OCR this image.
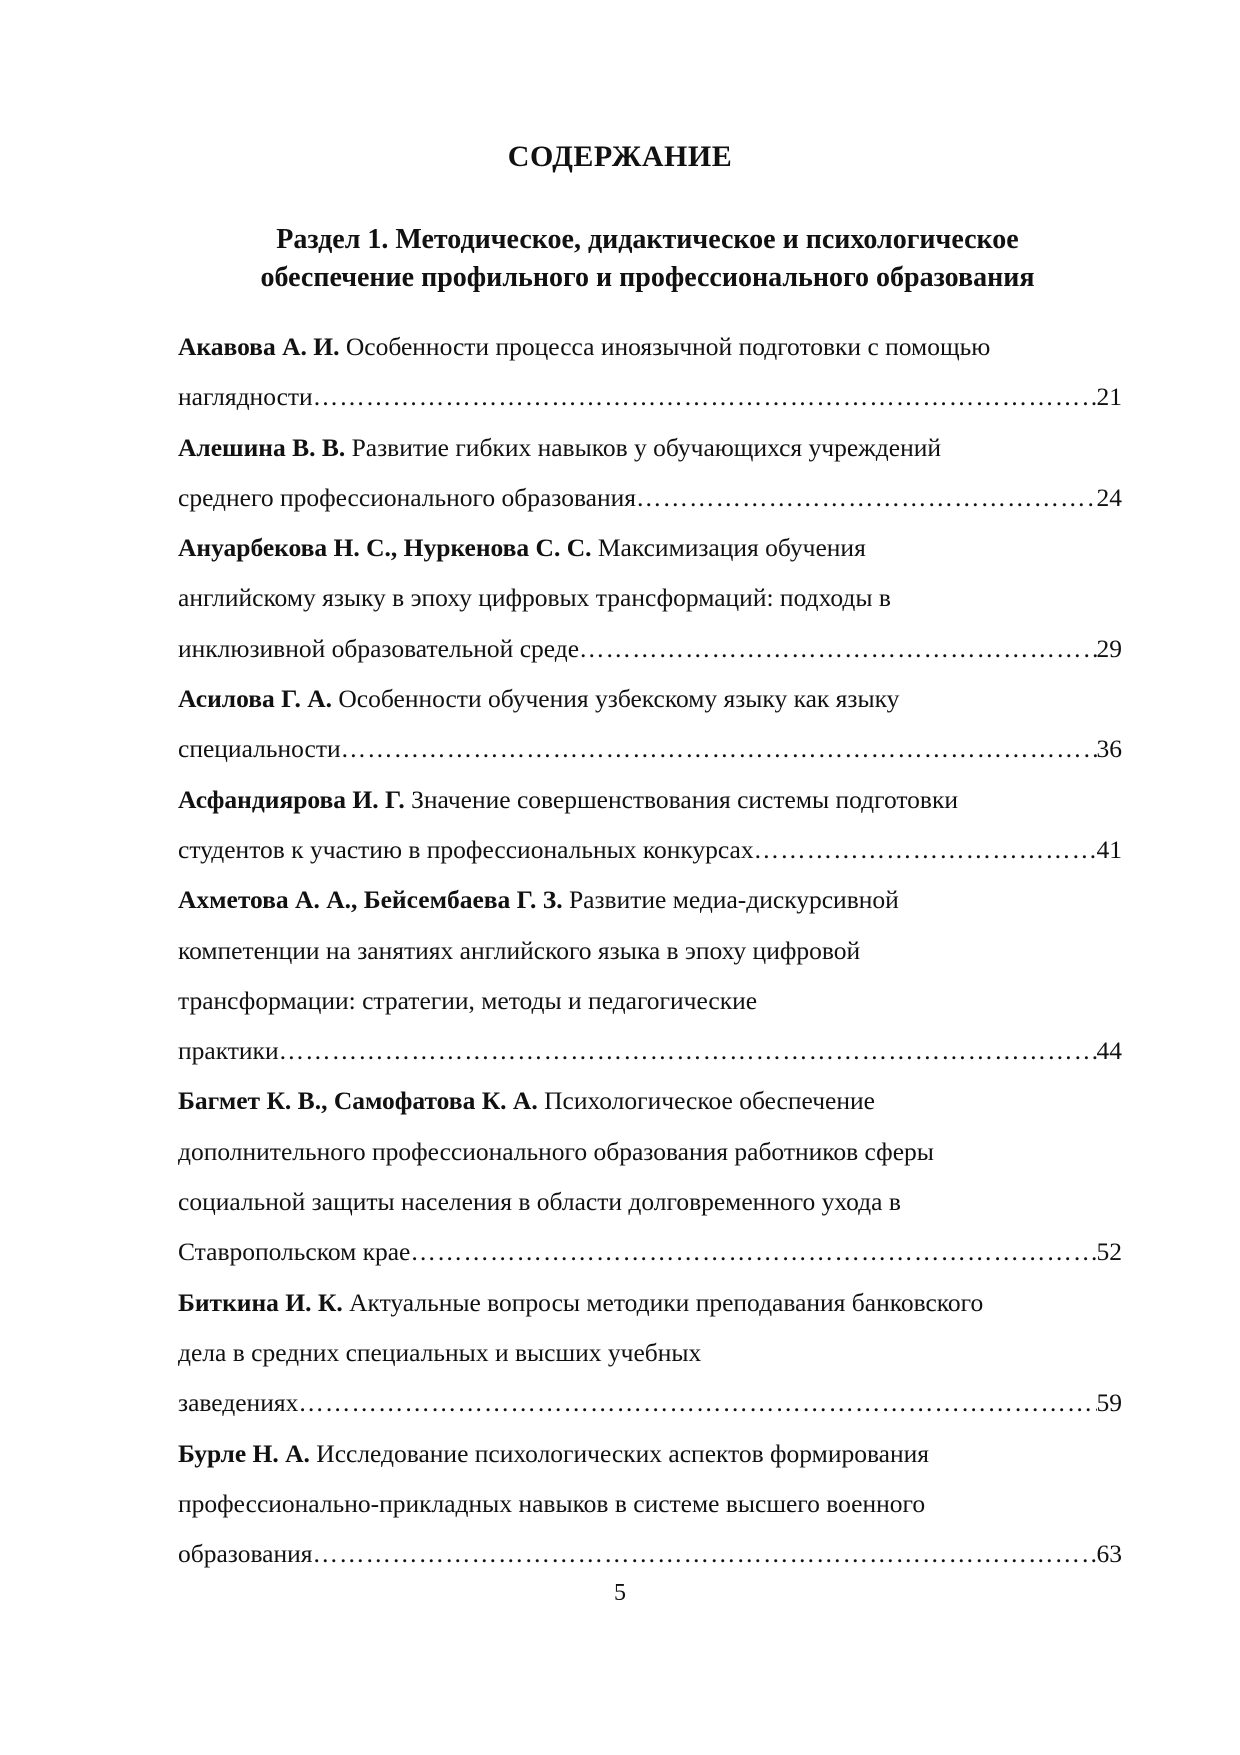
СОДЕРЖАНИЕ
Раздел 1. Методическое, дидактическое и психологическое
обеспечение профильного и профессионального образования
Акавова А. И. Особенности процесса иноязычной подготовки с помощью
наглядности ……………………………………………………………………………………………………………………………………………………………………………………	21
Алешина В. В. Развитие гибких навыков у обучающихся учреждений
среднего профессионального образования ……………………………………………………………………………………………………………………………………………………………………………………	24
Ануарбекова Н. С., Нуркенова С. С. Максимизация обучения
английскому языку в эпоху цифровых трансформаций: подходы в
инклюзивной образовательной среде ……………………………………………………………………………………………………………………………………………………………………………………	29
Асилова Г. А. Особенности обучения узбекскому языку как языку
специальности ……………………………………………………………………………………………………………………………………………………………………………………	36
Асфандиярова И. Г. Значение совершенствования системы подготовки
студентов к участию в профессиональных конкурсах ……………………………………………………………………………………………………………………………………………………………………………………	41
Ахметова А. А., Бейсембаева Г. З. Развитие медиа-дискурсивной
компетенции на занятиях английского языка в эпоху цифровой
трансформации: стратегии, методы и педагогические
практики ……………………………………………………………………………………………………………………………………………………………………………………	44
Багмет К. В., Самофатова К. А. Психологическое обеспечение
дополнительного профессионального образования работников сферы
социальной защиты населения в области долговременного ухода в
Ставропольском крае ……………………………………………………………………………………………………………………………………………………………………………………	52
Биткина И. К. Актуальные вопросы методики преподавания банковского
дела в средних специальных и высших учебных
заведениях ……………………………………………………………………………………………………………………………………………………………………………………	59
Бурле Н. А. Исследование психологических аспектов формирования
профессионально-прикладных навыков в системе высшего военного
образования ……………………………………………………………………………………………………………………………………………………………………………………	63
5
